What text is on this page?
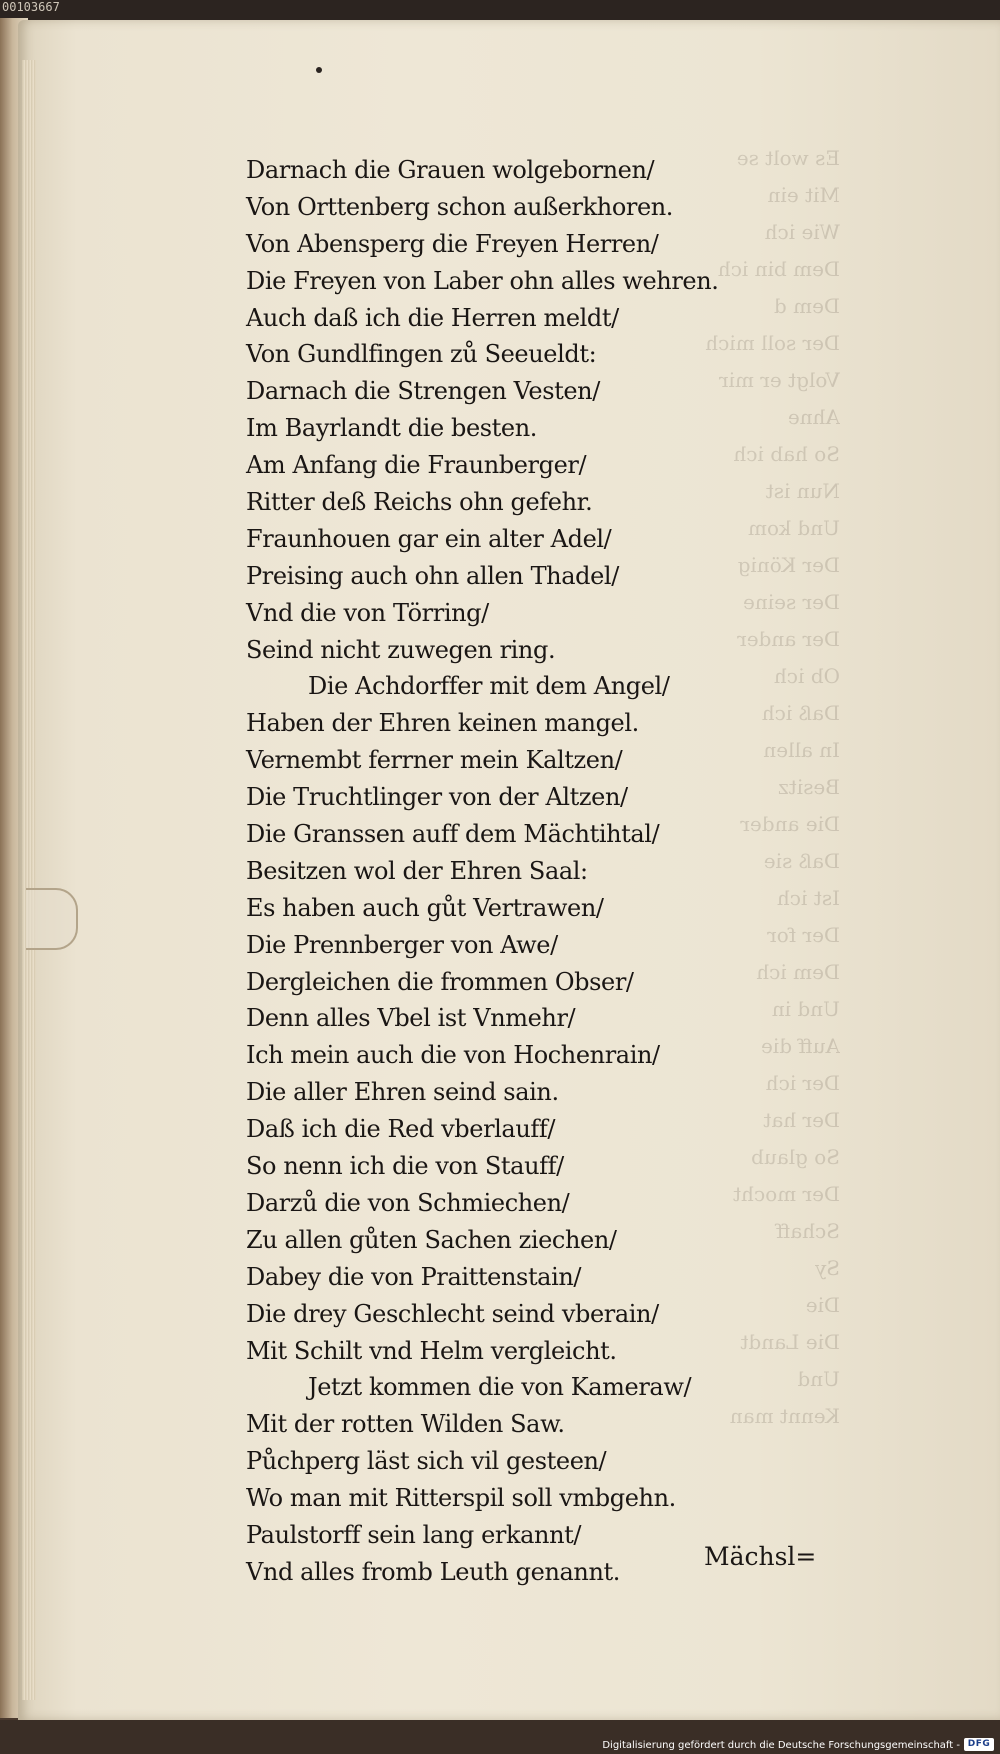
00103667
Es wolt se
Mit ein
Wie ich
Dem bin ich
Dem d
Der soll mich
Volgt er mir
Ahne
So hab ich
Nun ist
Und kom
Der König
Der seine
Der ander
Ob ich
Daß ich
In allen
Besitz
Die ander
Daß sie
Ist ich
Der for
Dem ich
Und in
Auff die
Der ich
Der hat
So glaub
Der mocht
Schaff
Sy
Die
Die Landt
Und
Kennt man
Darnach die Grauen wolgebornen/
Von Orttenberg schon außerkhoren.
Von Abensperg die Freyen Herren/
Die Freyen von Laber ohn alles wehren.
Auch daß ich die Herren meldt/
Von Gundlfingen zů Seeueldt:
Darnach die Strengen Vesten/
Im Bayrlandt die besten.
Am Anfang die Fraunberger/
Ritter deß Reichs ohn gefehr.
Fraunhouen gar ein alter Adel/
Preising auch ohn allen Thadel/
Vnd die von Törring/
Seind nicht zuwegen ring.
Die Achdorffer mit dem Angel/
Haben der Ehren keinen mangel.
Vernembt ferrner mein Kaltzen/
Die Truchtlinger von der Altzen/
Die Granssen auff dem Mächtihtal/
Besitzen wol der Ehren Saal:
Es haben auch gůt Vertrawen/
Die Prennberger von Awe/
Dergleichen die frommen Obser/
Denn alles Vbel ist Vnmehr/
Ich mein auch die von Hochenrain/
Die aller Ehren seind sain.
Daß ich die Red vberlauff/
So nenn ich die von Stauff/
Darzů die von Schmiechen/
Zu allen gůten Sachen ziechen/
Dabey die von Praittenstain/
Die drey Geschlecht seind vberain/
Mit Schilt vnd Helm vergleicht.
Jetzt kommen die von Kameraw/
Mit der rotten Wilden Saw.
Půchperg läst sich vil gesteen/
Wo man mit Ritterspil soll vmbgehn.
Paulstorff sein lang erkannt/
Vnd alles fromb Leuth genannt.
Mächsl=
Digitalisierung gefördert durch die Deutsche Forschungsgemeinschaft - DFG
